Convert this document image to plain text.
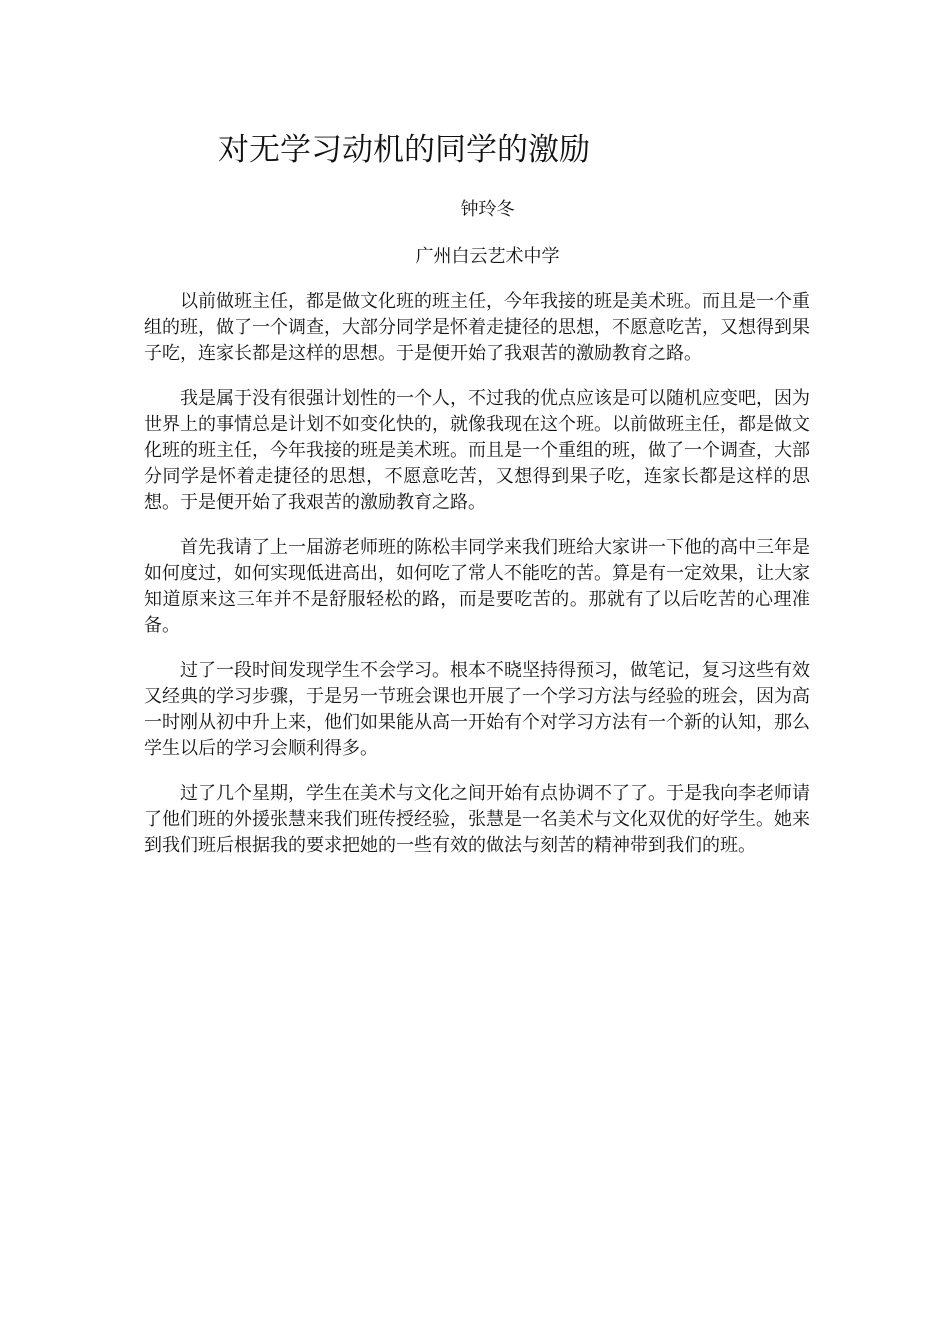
对无学习动机的同学的激励
钟玲冬
广州白云艺术中学

以前做班主任，都是做文化班的班主任，今年我接的班是美术班。而且是一个重组的班，做了一个调查，大部分同学是怀着走捷径的思想，不愿意吃苦，又想得到果子吃，连家长都是这样的思想。于是便开始了我艰苦的激励教育之路。

我是属于没有很强计划性的一个人，不过我的优点应该是可以随机应变吧，因为世界上的事情总是计划不如变化快的，就像我现在这个班。以前做班主任，都是做文化班的班主任，今年我接的班是美术班。而且是一个重组的班，做了一个调查，大部分同学是怀着走捷径的思想，不愿意吃苦，又想得到果子吃，连家长都是这样的思想。于是便开始了我艰苦的激励教育之路。

首先我请了上一届游老师班的陈松丰同学来我们班给大家讲一下他的高中三年是如何度过，如何实现低进高出，如何吃了常人不能吃的苦。算是有一定效果，让大家知道原来这三年并不是舒服轻松的路，而是要吃苦的。那就有了以后吃苦的心理准备。

过了一段时间发现学生不会学习。根本不晓坚持得预习，做笔记，复习这些有效又经典的学习步骤，于是另一节班会课也开展了一个学习方法与经验的班会，因为高一时刚从初中升上来，他们如果能从高一开始有个对学习方法有一个新的认知，那么学生以后的学习会顺利得多。

过了几个星期，学生在美术与文化之间开始有点协调不了了。于是我向李老师请了他们班的外援张慧来我们班传授经验，张慧是一名美术与文化双优的好学生。她来到我们班后根据我的要求把她的一些有效的做法与刻苦的精神带到我们的班。
